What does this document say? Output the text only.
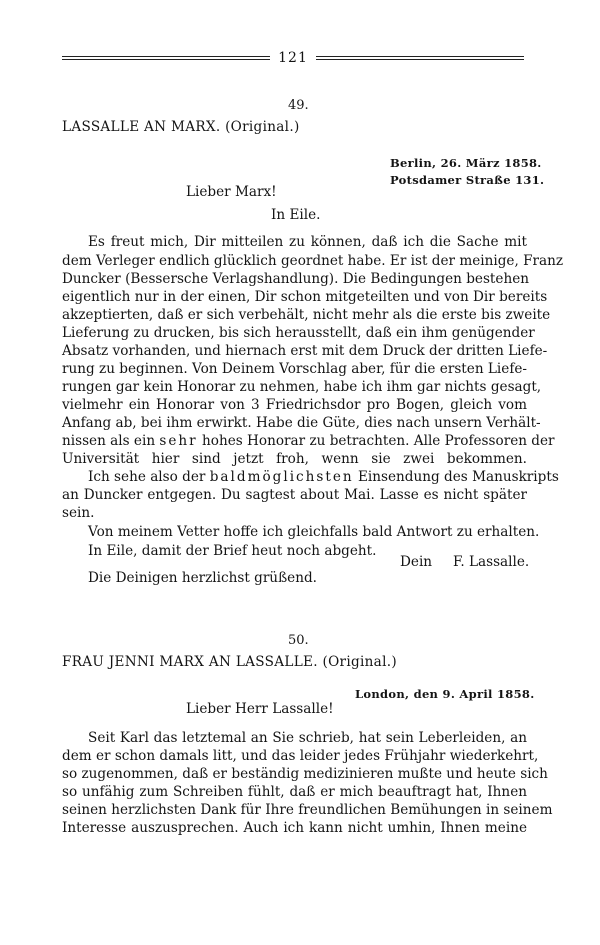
121
49.
LASSALLE AN MARX. (Original.)
Berlin, 26. März 1858.
Potsdamer Straße 131.
Lieber Marx!
In Eile.
Es freut mich, Dir mitteilen zu können, daß ich die Sache mit
dem Verleger endlich glücklich geordnet habe. Er ist der meinige, Franz
Duncker (Bessersche Verlagshandlung). Die Bedingungen bestehen
eigentlich nur in der einen, Dir schon mitgeteilten und von Dir bereits
akzeptierten, daß er sich verbehält, nicht mehr als die erste bis zweite
Lieferung zu drucken, bis sich herausstellt, daß ein ihm genügender
Absatz vorhanden, und hiernach erst mit dem Druck der dritten Liefe-
rung zu beginnen. Von Deinem Vorschlag aber, für die ersten Liefe-
rungen gar kein Honorar zu nehmen, habe ich ihm gar nichts gesagt,
vielmehr ein Honorar von 3 Friedrichsdor pro Bogen, gleich vom
Anfang ab, bei ihm erwirkt. Habe die Güte, dies nach unsern Verhält-
nissen als ein sehr hohes Honorar zu betrachten. Alle Professoren der
Universität hier sind jetzt froh, wenn sie zwei bekommen.
Ich sehe also der baldmöglichsten Einsendung des Manuskripts
an Duncker entgegen. Du sagtest about Mai. Lasse es nicht später
sein.
Von meinem Vetter hoffe ich gleichfalls bald Antwort zu erhalten.
In Eile, damit der Brief heut noch abgeht.
Dein F. Lassalle.
Die Deinigen herzlichst grüßend.
50.
FRAU JENNI MARX AN LASSALLE. (Original.)
London, den 9. April 1858.
Lieber Herr Lassalle!
Seit Karl das letztemal an Sie schrieb, hat sein Leberleiden, an
dem er schon damals litt, und das leider jedes Frühjahr wiederkehrt,
so zugenommen, daß er beständig medizinieren mußte und heute sich
so unfähig zum Schreiben fühlt, daß er mich beauftragt hat, Ihnen
seinen herzlichsten Dank für Ihre freundlichen Bemühungen in seinem
Interesse auszusprechen. Auch ich kann nicht umhin, Ihnen meine
